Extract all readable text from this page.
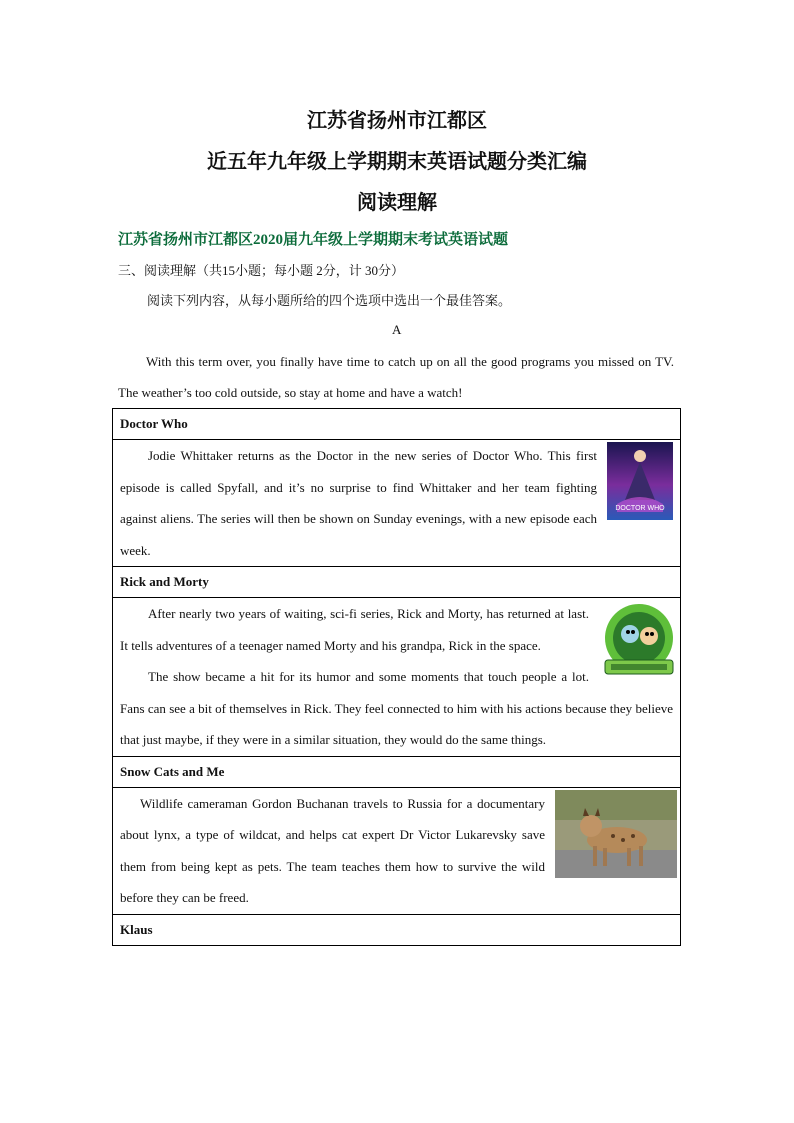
江苏省扬州市江都区
近五年九年级上学期期末英语试题分类汇编
阅读理解
江苏省扬州市江都区2020届九年级上学期期末考试英语试题
三、阅读理解（共15小题；每小题 2分，计 30分）
阅读下列内容，从每小题所给的四个选项中选出一个最佳答案。
A

With this term over, you finally have time to catch up on all the good programs you missed on TV. The weather’s too cold outside, so stay at home and have a watch!

Doctor Who

DOCTOR WHO

Jodie Whittaker returns as the Doctor in the new series of Doctor Who. This first episode is called Spyfall, and it’s no surprise to find Whittaker and her team fighting against aliens. The series will then be shown on Sunday evenings, with a new episode each week.

Rick and Morty

After nearly two years of waiting, sci-fi series, Rick and Morty, has returned at last. It tells adventures of a teenager named Morty and his grandpa, Rick in the space.

The show became a hit for its humor and some moments that touch people a lot. Fans can see a bit of themselves in Rick. They feel connected to him with his actions because they believe that just maybe, if they were in a similar situation, they would do the same things.

Snow Cats and Me

Wildlife cameraman Gordon Buchanan travels to Russia for a documentary about lynx, a type of wildcat, and helps cat expert Dr Victor Lukarevsky save them from being kept as pets. The team teaches them how to survive the wild before they can be freed.

Klaus
